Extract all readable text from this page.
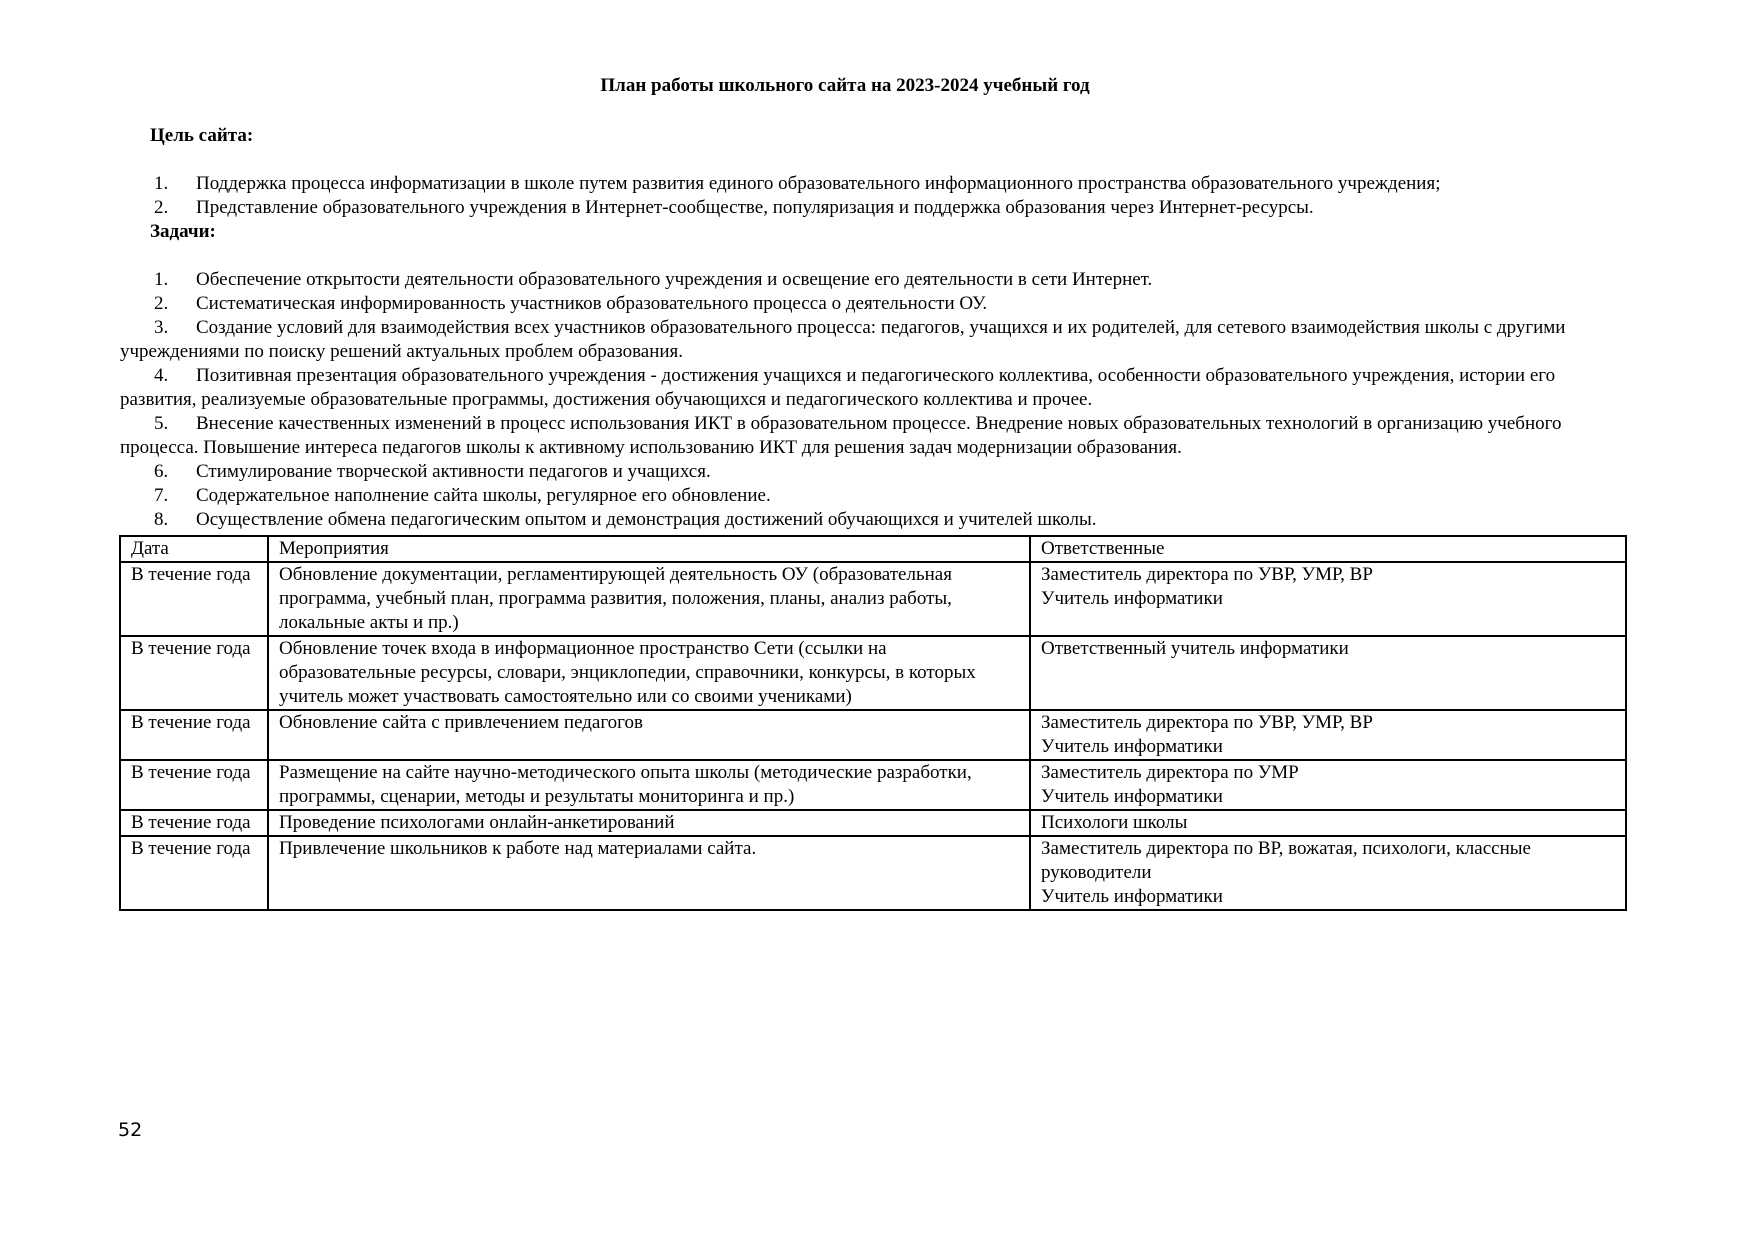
План работы школьного сайта на 2023-2024 учебный год
Цель сайта:
1. Поддержка процесса информатизации в школе путем развития единого образовательного информационного пространства образовательного учреждения;
2. Представление образовательного учреждения в Интернет-сообществе, популяризация и поддержка образования через Интернет-ресурсы.
Задачи:
1. Обеспечение открытости деятельности образовательного учреждения и освещение его деятельности в сети Интернет.
2. Систематическая информированность участников образовательного процесса о деятельности ОУ.
3. Создание условий для взаимодействия всех участников образовательного процесса: педагогов, учащихся и их родителей, для сетевого взаимодействия школы с другими учреждениями по поиску решений актуальных проблем образования.
4. Позитивная презентация образовательного учреждения - достижения учащихся и педагогического коллектива, особенности образовательного учреждения, истории его развития, реализуемые образовательные программы, достижения обучающихся и педагогического коллектива и прочее.
5. Внесение качественных изменений в процесс использования ИКТ в образовательном процессе. Внедрение новых образовательных технологий в организацию учебного процесса. Повышение интереса педагогов школы к активному использованию ИКТ для решения задач модернизации образования.
6. Стимулирование творческой активности педагогов и учащихся.
7. Содержательное наполнение сайта школы, регулярное его обновление.
8. Осуществление обмена педагогическим опытом и демонстрация достижений обучающихся и учителей школы.
Дата	Мероприятия	Ответственные
В течение года	Обновление документации, регламентирующей деятельность ОУ (образовательная программа, учебный план, программа развития, положения, планы, анализ работы, локальные акты и пр.)	Заместитель директора по УВР, УМР, ВР
Учитель информатики

В течение года	Обновление точек входа в информационное пространство Сети (ссылки на образовательные ресурсы, словари, энциклопедии, справочники, конкурсы, в которых учитель может участвовать самостоятельно или со своими учениками)	Ответственный учитель информатики

В течение года	Обновление сайта с привлечением педагогов	Заместитель директора по УВР, УМР, ВР
Учитель информатики

В течение года	Размещение на сайте научно-методического опыта школы (методические разработки, программы, сценарии, методы и результаты мониторинга и пр.)	Заместитель директора по УМР
Учитель информатики

В течение года	Проведение психологами онлайн-анкетирований	Психологи школы

В течение года	Привлечение школьников к работе над материалами сайта.	Заместитель директора по ВР, вожатая, психологи, классные руководители
Учитель информатики
52
